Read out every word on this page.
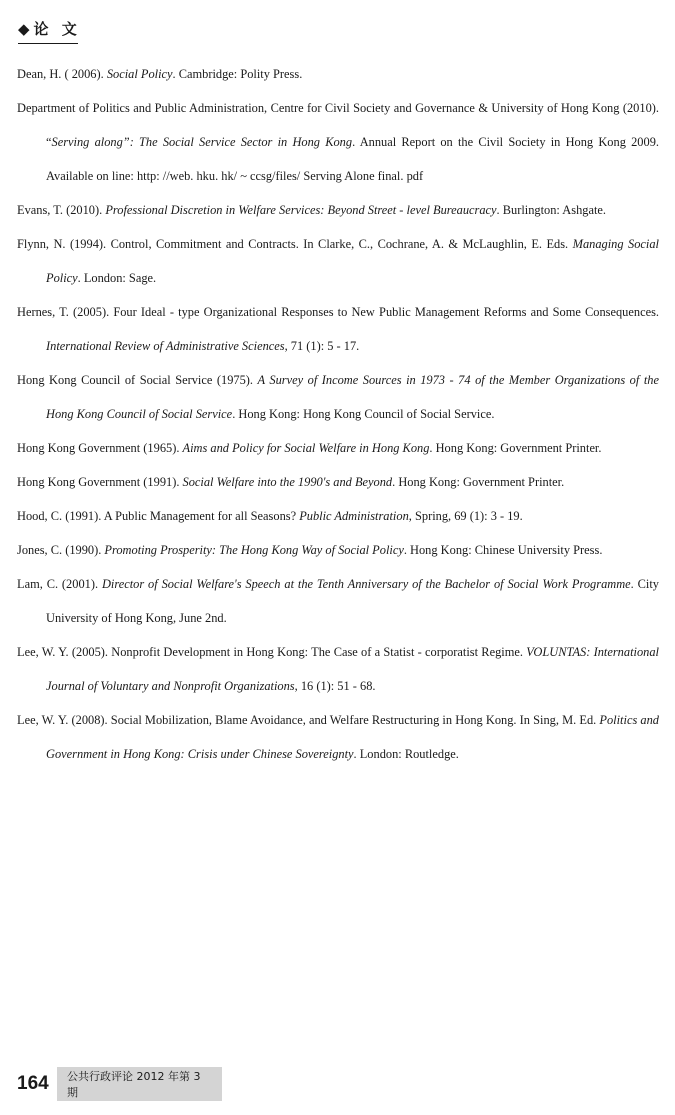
◆论 文
Dean, H. ( 2006). Social Policy. Cambridge: Polity Press.
Department of Politics and Public Administration, Centre for Civil Society and Governance & University of Hong Kong (2010). “Serving along”: The Social Service Sector in Hong Kong. Annual Report on the Civil Society in Hong Kong 2009. Available on line: http: //web. hku. hk/ ~ ccsg/files/ Serving Alone final. pdf
Evans, T. (2010). Professional Discretion in Welfare Services: Beyond Street - level Bureaucracy. Burlington: Ashgate.
Flynn, N. (1994). Control, Commitment and Contracts. In Clarke, C., Cochrane, A. & McLaughlin, E. Eds. Managing Social Policy. London: Sage.
Hernes, T. (2005). Four Ideal - type Organizational Responses to New Public Management Reforms and Some Consequences. International Review of Administrative Sciences, 71 (1): 5 - 17.
Hong Kong Council of Social Service (1975). A Survey of Income Sources in 1973 - 74 of the Member Organizations of the Hong Kong Council of Social Service. Hong Kong: Hong Kong Council of Social Service.
Hong Kong Government (1965). Aims and Policy for Social Welfare in Hong Kong. Hong Kong: Government Printer.
Hong Kong Government (1991). Social Welfare into the 1990's and Beyond. Hong Kong: Government Printer.
Hood, C. (1991). A Public Management for all Seasons? Public Administration, Spring, 69 (1): 3 - 19.
Jones, C. (1990). Promoting Prosperity: The Hong Kong Way of Social Policy. Hong Kong: Chinese University Press.
Lam, C. (2001). Director of Social Welfare's Speech at the Tenth Anniversary of the Bachelor of Social Work Programme. City University of Hong Kong, June 2nd.
Lee, W. Y. (2005). Nonprofit Development in Hong Kong: The Case of a Statist - corporatist Regime. VOLUNTAS: International Journal of Voluntary and Nonprofit Organizations, 16 (1): 51 - 68.
Lee, W. Y. (2008). Social Mobilization, Blame Avoidance, and Welfare Restructuring in Hong Kong. In Sing, M. Ed. Politics and Government in Hong Kong: Crisis under Chinese Sovereignty. London: Routledge.
164	公共行政评论 2012 年第 3 期
